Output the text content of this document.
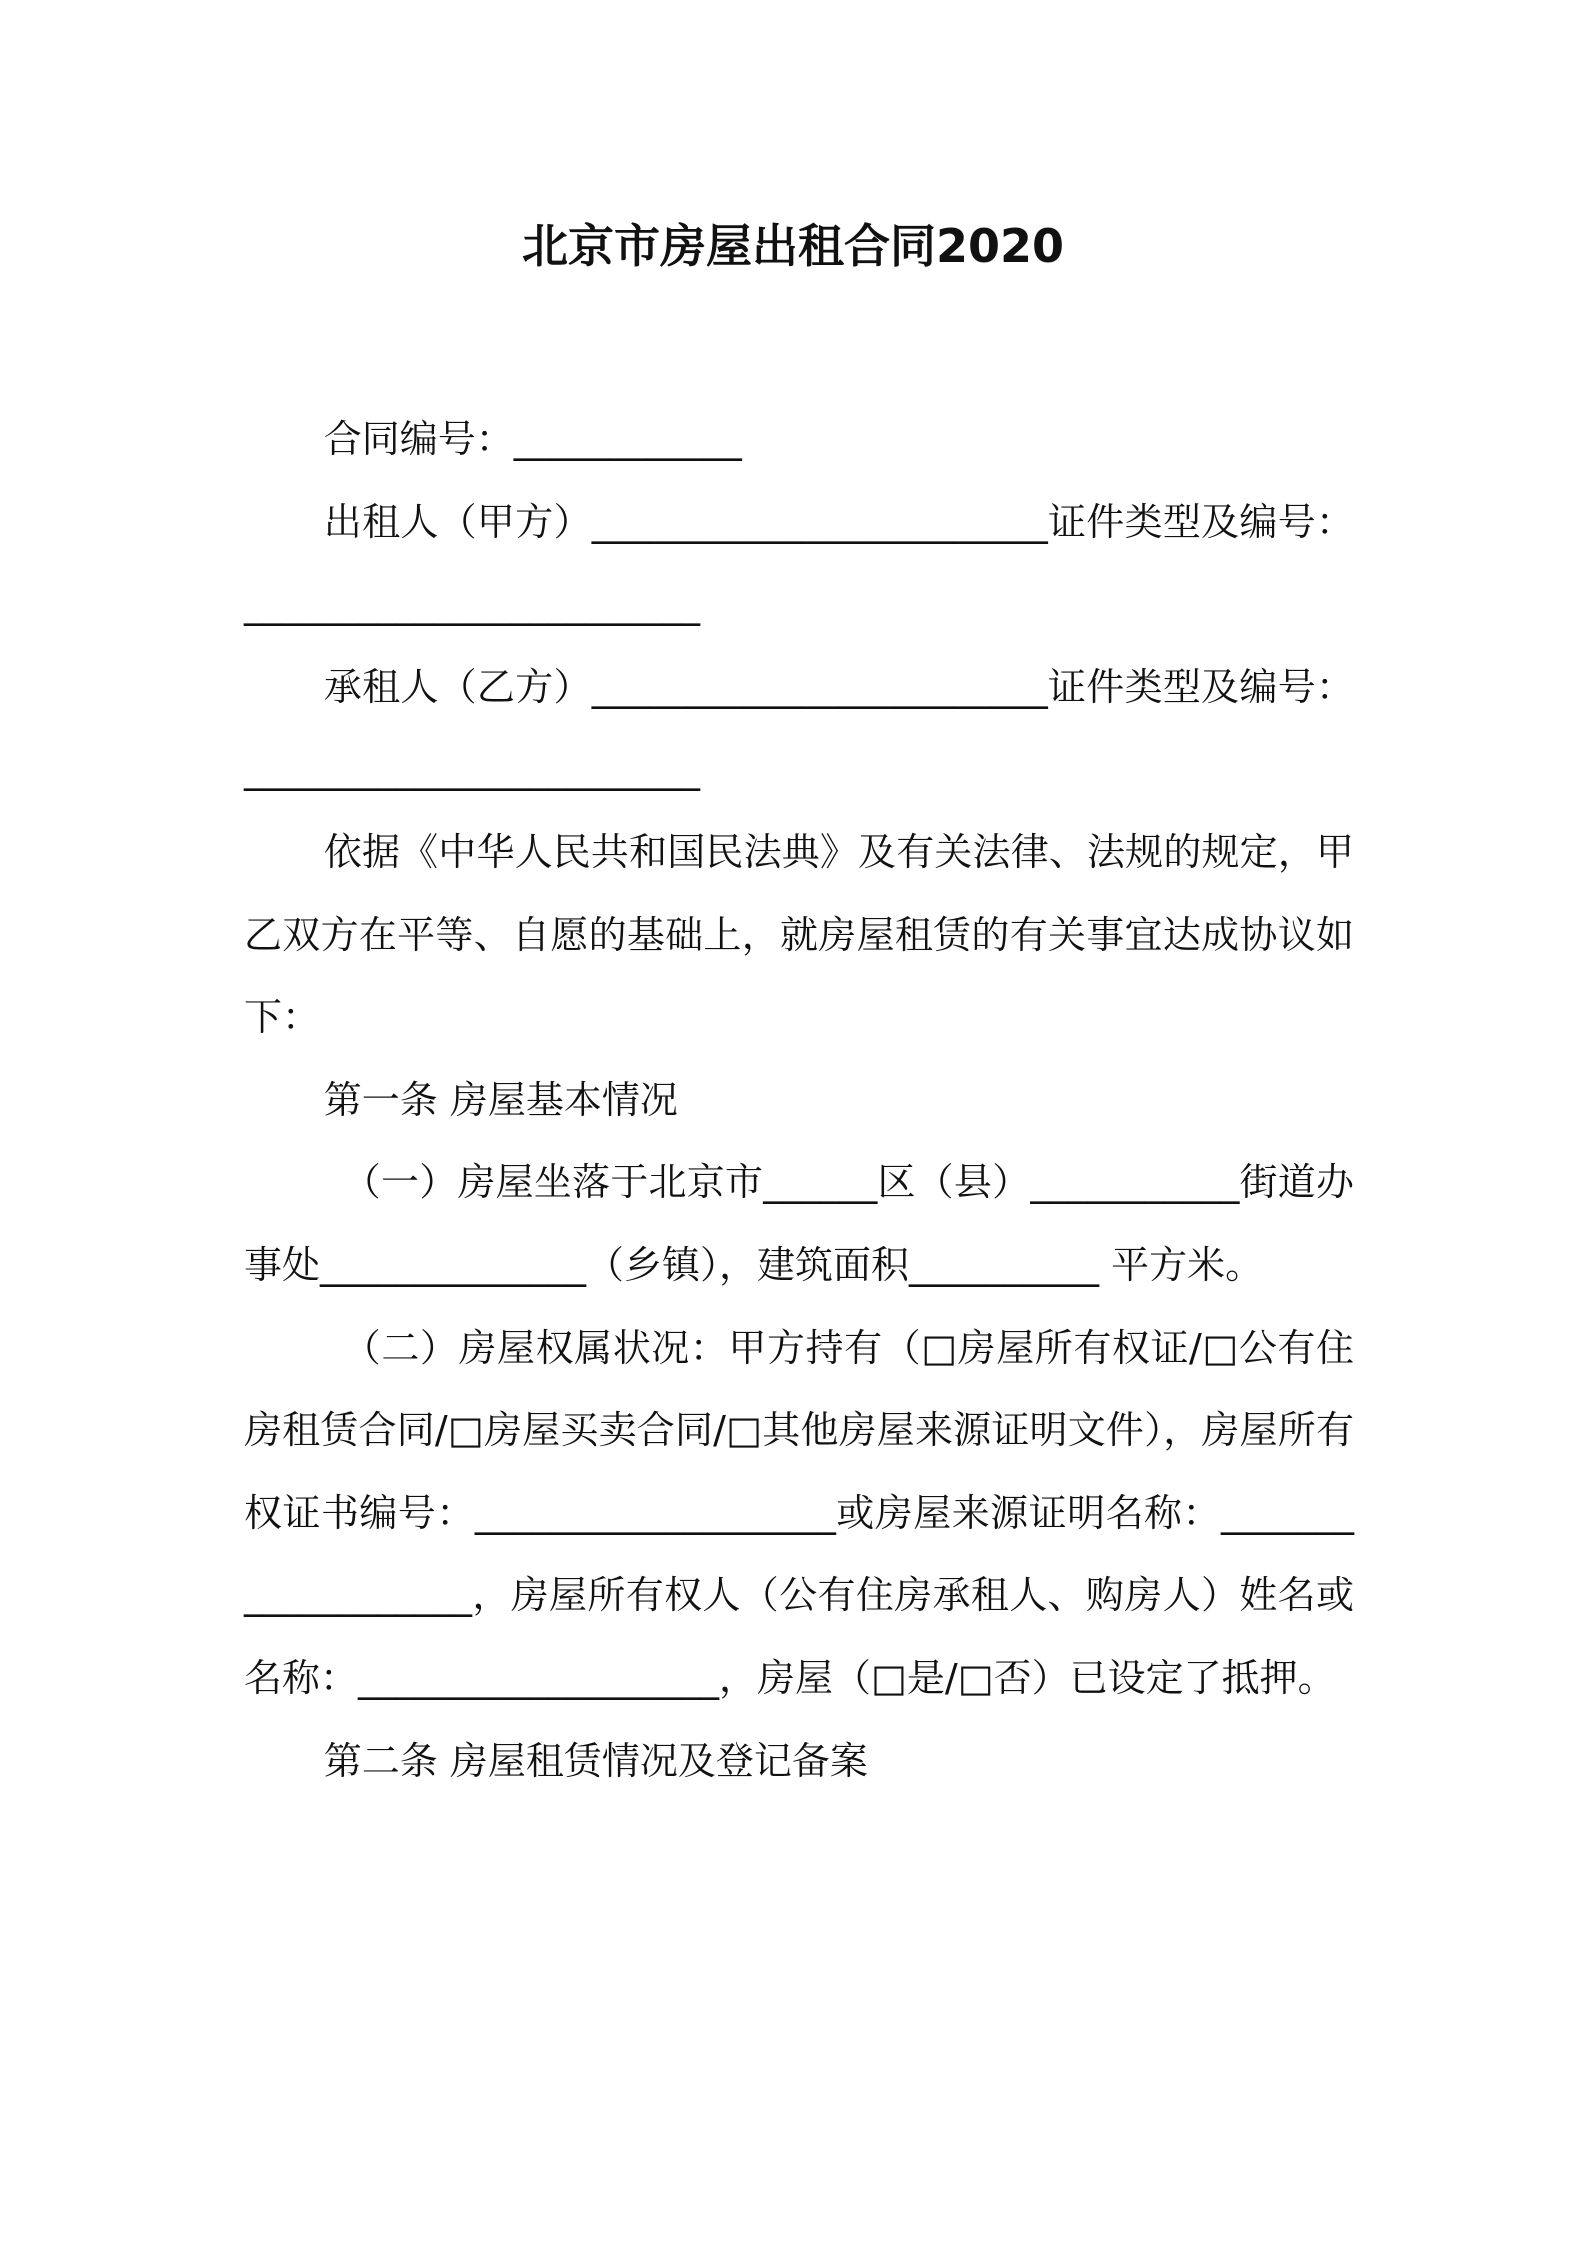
北京市房屋出租合同2020

合同编号：____________

出租人（甲方）________________________证件类型及编号：________________________

承租人（乙方）________________________证件类型及编号：________________________

依据《中华人民共和国民法典》及有关法律、法规的规定，甲乙双方在平等、自愿的基础上，就房屋租赁的有关事宜达成协议如下：

第一条 房屋基本情况

（一）房屋坐落于北京市______区（县）___________街道办事处______________（乡镇），建筑面积__________ 平方米。

（二）房屋权属状况：甲方持有（□房屋所有权证/□公有住房租赁合同/□房屋买卖合同/□其他房屋来源证明文件），房屋所有权证书编号：___________________或房屋来源证明名称：___________________，房屋所有权人（公有住房承租人、购房人）姓名或名称：___________________，房屋（□是/□否）已设定了抵押。

第二条 房屋租赁情况及登记备案
